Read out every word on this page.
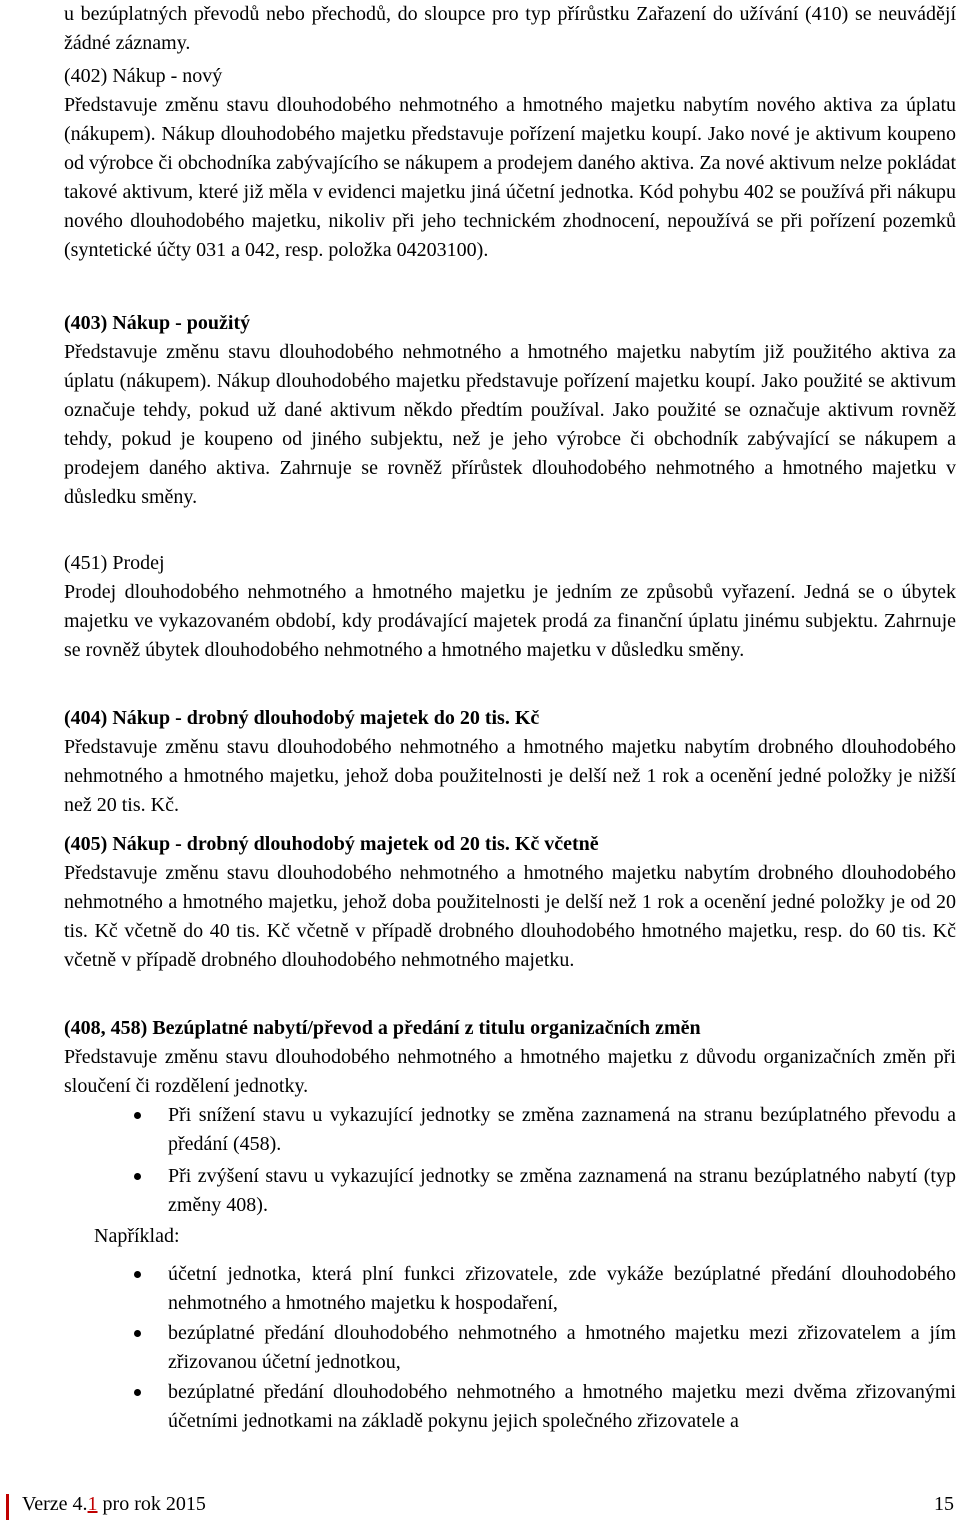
u bezúplatných převodů nebo přechodů, do sloupce pro typ přírůstku Zařazení do užívání (410) se neuvádějí žádné záznamy.

(402) Nákup - nový
Představuje změnu stavu dlouhodobého nehmotného a hmotného majetku nabytím nového aktiva za úplatu (nákupem). Nákup dlouhodobého majetku představuje pořízení majetku koupí. Jako nové je aktivum koupeno od výrobce či obchodníka zabývajícího se nákupem a prodejem daného aktiva. Za nové aktivum nelze pokládat takové aktivum, které již měla v evidenci majetku jiná účetní jednotka. Kód pohybu 402 se používá při nákupu nového dlouhodobého majetku, nikoliv při jeho technickém zhodnocení, nepoužívá se při pořízení pozemků (syntetické účty 031 a 042, resp. položka 04203100).
(403) Nákup - použitý
Představuje změnu stavu dlouhodobého nehmotného a hmotného majetku nabytím již použitého aktiva za úplatu (nákupem). Nákup dlouhodobého majetku představuje pořízení majetku koupí. Jako použité se aktivum označuje tehdy, pokud už dané aktivum někdo předtím používal. Jako použité se označuje aktivum rovněž tehdy, pokud je koupeno od jiného subjektu, než je jeho výrobce či obchodník zabývající se nákupem a prodejem daného aktiva. Zahrnuje se rovněž přírůstek dlouhodobého nehmotného a hmotného majetku v důsledku směny.
(451) Prodej
Prodej dlouhodobého nehmotného a hmotného majetku je jedním ze způsobů vyřazení. Jedná se o úbytek majetku ve vykazovaném období, kdy prodávající majetek prodá za finanční úplatu jinému subjektu. Zahrnuje se rovněž úbytek dlouhodobého nehmotného a hmotného majetku v důsledku směny.
(404) Nákup - drobný dlouhodobý majetek do 20 tis. Kč
Představuje změnu stavu dlouhodobého nehmotného a hmotného majetku nabytím drobného dlouhodobého nehmotného a hmotného majetku, jehož doba použitelnosti je delší než 1 rok a ocenění jedné položky je nižší než 20 tis. Kč.
(405) Nákup - drobný dlouhodobý majetek od 20 tis. Kč včetně
Představuje změnu stavu dlouhodobého nehmotného a hmotného majetku nabytím drobného dlouhodobého nehmotného a hmotného majetku, jehož doba použitelnosti je delší než 1 rok a ocenění jedné položky je od 20 tis. Kč včetně do 40 tis. Kč včetně v případě drobného dlouhodobého hmotného majetku, resp. do 60 tis. Kč včetně v případě drobného dlouhodobého nehmotného majetku.
(408, 458) Bezúplatné nabytí/převod a předání z titulu organizačních změn
Představuje změnu stavu dlouhodobého nehmotného a hmotného majetku z důvodu organizačních změn při sloučení či rozdělení jednotky.
Při snížení stavu u vykazující jednotky se změna zaznamená na stranu bezúplatného převodu a předání (458).
Při zvýšení stavu u vykazující jednotky se změna zaznamená na stranu bezúplatného nabytí (typ změny 408).
Například:
účetní jednotka, která plní funkci zřizovatele, zde vykáže bezúplatné předání dlouhodobého nehmotného a hmotného majetku k hospodaření,
bezúplatné předání dlouhodobého nehmotného a hmotného majetku mezi zřizovatelem a jím zřizovanou účetní jednotkou,
bezúplatné předání dlouhodobého nehmotného a hmotného majetku mezi dvěma zřizovanými účetními jednotkami na základě pokynu jejich společného zřizovatele a
Verze 4.1 pro rok 2015	15
